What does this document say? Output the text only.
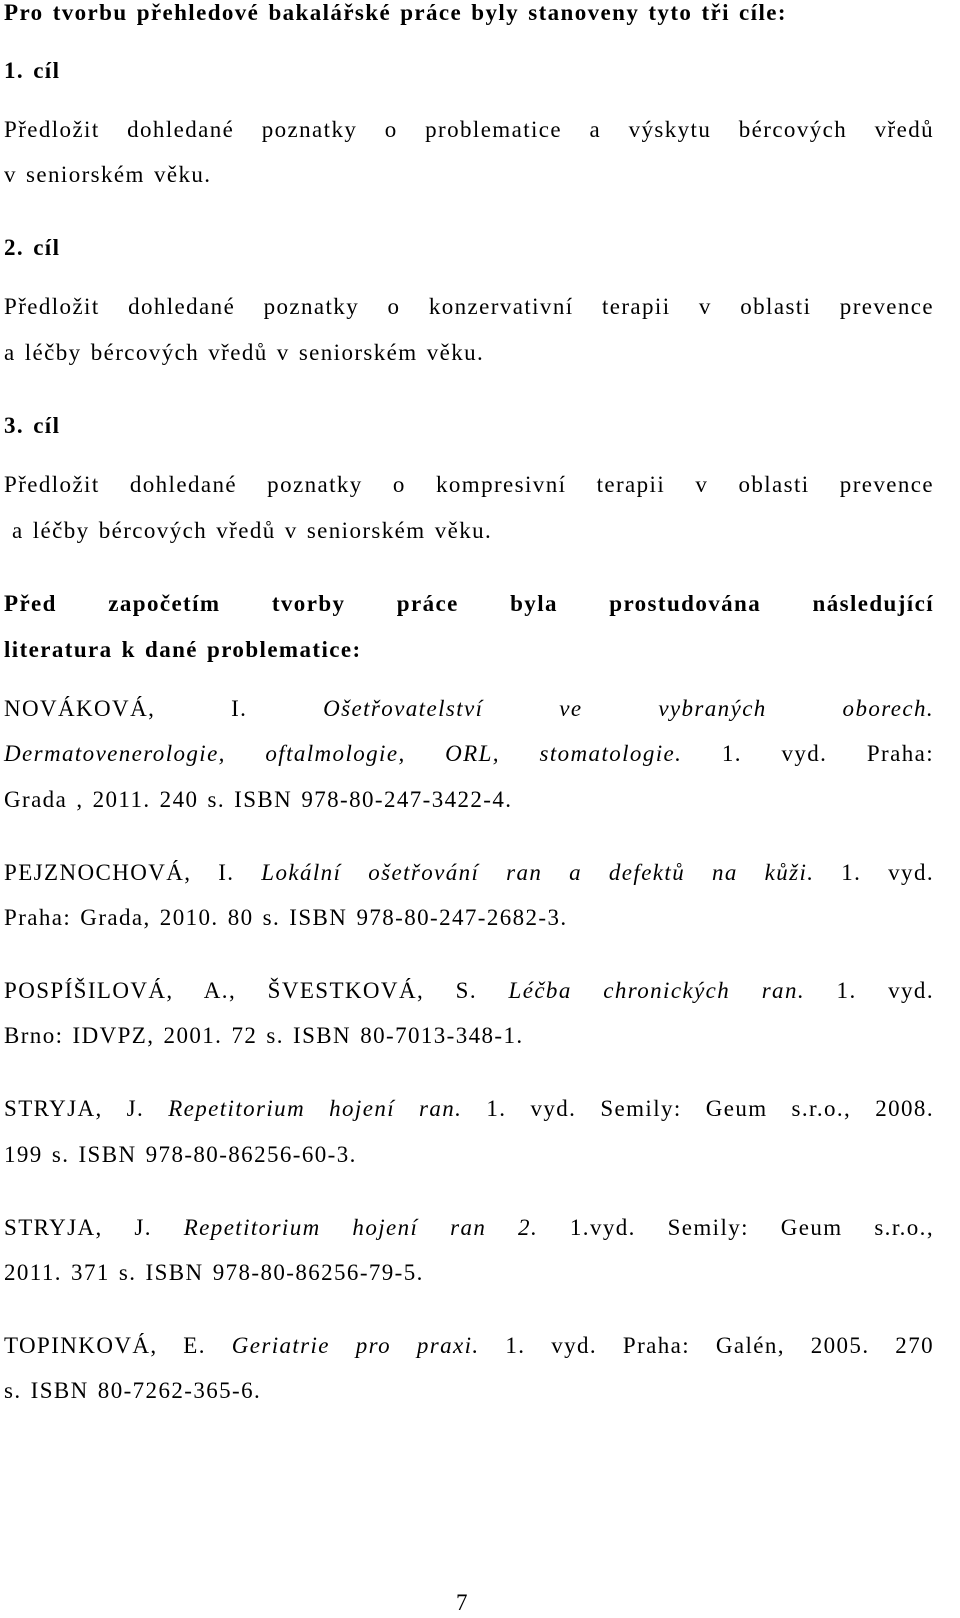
Pro tvorbu přehledové bakalářské práce byly stanoveny tyto tři cíle:
1. cíl
Předložit dohledané poznatky o problematice a výskytu bércových vředů
v seniorském věku.
2. cíl
Předložit dohledané poznatky o konzervativní terapii v oblasti prevence
a léčby bércových vředů v seniorském věku.
3. cíl
Předložit dohledané poznatky o kompresivní terapii v oblasti prevence
a léčby bércových vředů v seniorském věku.
Před započetím tvorby práce byla prostudována následující
literatura k dané problematice:
NOVÁKOVÁ, I.	Ošetřovatelství ve vybraných oborech.
Dermatovenerologie, oftalmologie, ORL, stomatologie. 1. vyd. Praha:
Grada , 2011. 240 s. ISBN 978-80-247-3422-4.
PEJZNOCHOVÁ, I. Lokální ošetřování ran a defektů na kůži. 1. vyd.
Praha: Grada, 2010. 80 s. ISBN 978-80-247-2682-3.
POSPÍŠILOVÁ, A., ŠVESTKOVÁ, S. Léčba chronických ran. 1. vyd.
Brno: IDVPZ, 2001. 72 s. ISBN 80-7013-348-1.
STRYJA, J. Repetitorium hojení ran. 1. vyd. Semily: Geum s.r.o., 2008.
199 s. ISBN 978-80-86256-60-3.
STRYJA, J. Repetitorium hojení ran 2. 1.vyd. Semily: Geum s.r.o.,
2011. 371 s. ISBN 978-80-86256-79-5.
TOPINKOVÁ, E. Geriatrie pro praxi. 1. vyd. Praha: Galén, 2005. 270
s. ISBN 80-7262-365-6.
7
